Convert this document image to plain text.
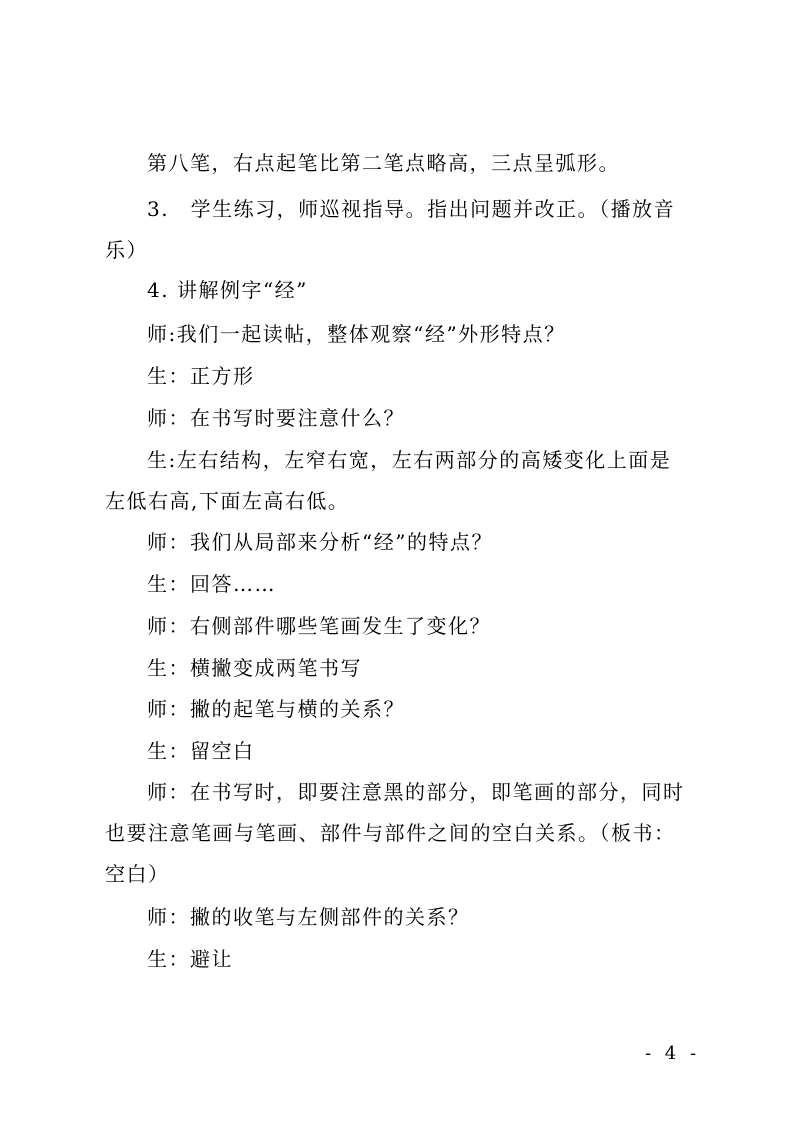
第八笔，右点起笔比第二笔点略高，三点呈弧形。

3.　学生练习，师巡视指导。指出问题并改正。（播放音乐）

4. 讲解例字“经”

师:我们一起读帖，整体观察“经”外形特点？

生：正方形

师：在书写时要注意什么？

生:左右结构，左窄右宽，左右两部分的高矮变化上面是左低右高,下面左高右低。

师：我们从局部来分析“经”的特点？

生：回答……

师：右侧部件哪些笔画发生了变化？

生：横撇变成两笔书写

师：撇的起笔与横的关系？

生：留空白

师：在书写时，即要注意黑的部分，即笔画的部分，同时也要注意笔画与笔画、部件与部件之间的空白关系。（板书：空白）

师：撇的收笔与左侧部件的关系？

生：避让

- 4 -
